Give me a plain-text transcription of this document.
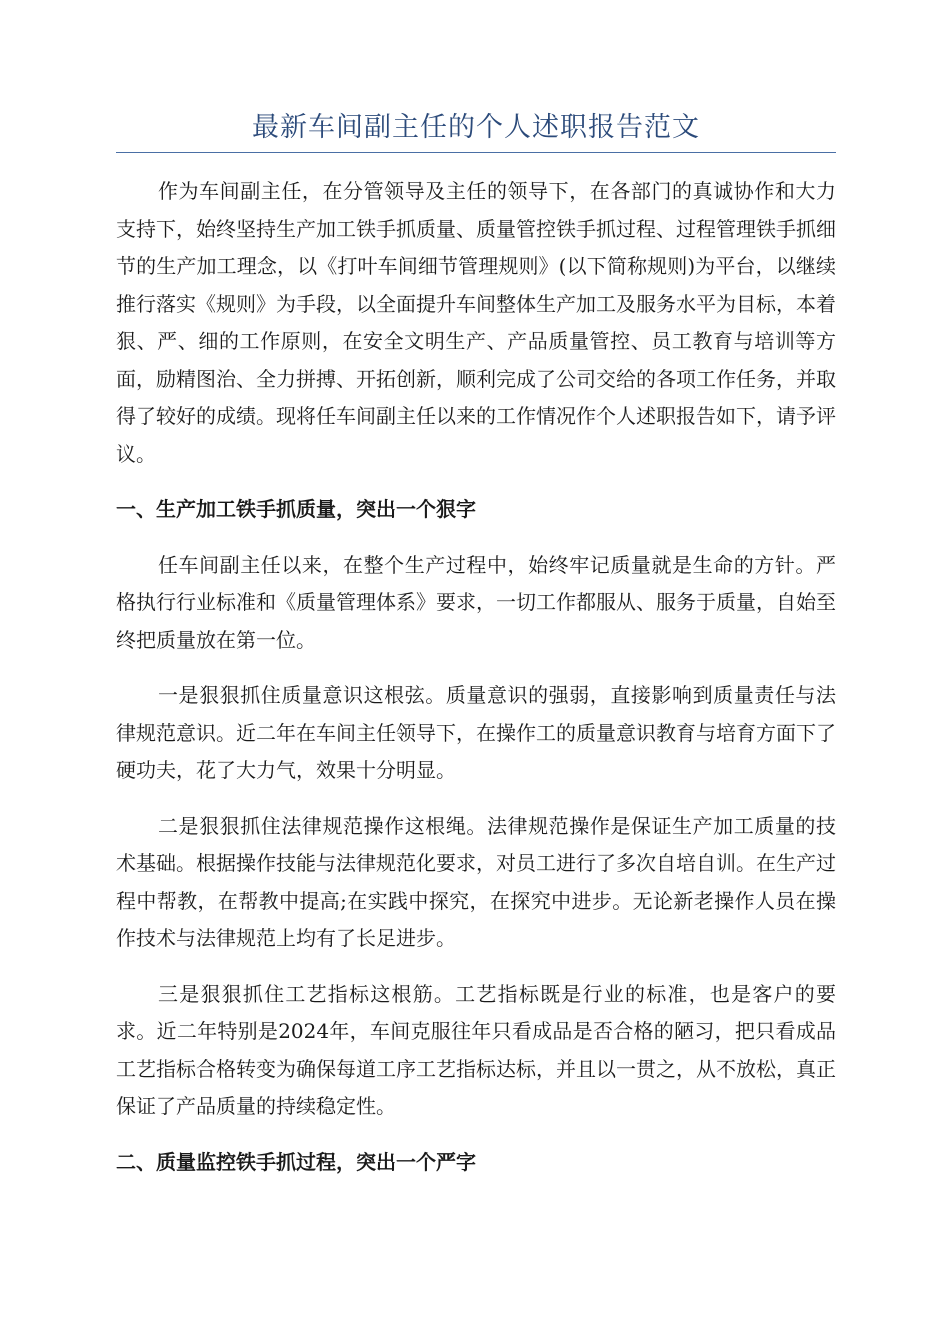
最新车间副主任的个人述职报告范文

作为车间副主任，在分管领导及主任的领导下，在各部门的真诚协作和大力支持下，始终坚持生产加工铁手抓质量、质量管控铁手抓过程、过程管理铁手抓细节的生产加工理念，以《打叶车间细节管理规则》(以下简称规则)为平台，以继续推行落实《规则》为手段，以全面提升车间整体生产加工及服务水平为目标，本着狠、严、细的工作原则，在安全文明生产、产品质量管控、员工教育与培训等方面，励精图治、全力拼搏、开拓创新，顺利完成了公司交给的各项工作任务，并取得了较好的成绩。现将任车间副主任以来的工作情况作个人述职报告如下，请予评议。

一、生产加工铁手抓质量，突出一个狠字

任车间副主任以来，在整个生产过程中，始终牢记质量就是生命的方针。严格执行行业标准和《质量管理体系》要求，一切工作都服从、服务于质量，自始至终把质量放在第一位。

一是狠狠抓住质量意识这根弦。质量意识的强弱，直接影响到质量责任与法律规范意识。近二年在车间主任领导下，在操作工的质量意识教育与培育方面下了硬功夫，花了大力气，效果十分明显。

二是狠狠抓住法律规范操作这根绳。法律规范操作是保证生产加工质量的技术基础。根据操作技能与法律规范化要求，对员工进行了多次自培自训。在生产过程中帮教，在帮教中提高;在实践中探究，在探究中进步。无论新老操作人员在操作技术与法律规范上均有了长足进步。

三是狠狠抓住工艺指标这根筋。工艺指标既是行业的标准，也是客户的要求。近二年特别是2024年，车间克服往年只看成品是否合格的陋习，把只看成品工艺指标合格转变为确保每道工序工艺指标达标，并且以一贯之，从不放松，真正保证了产品质量的持续稳定性。

二、质量监控铁手抓过程，突出一个严字
